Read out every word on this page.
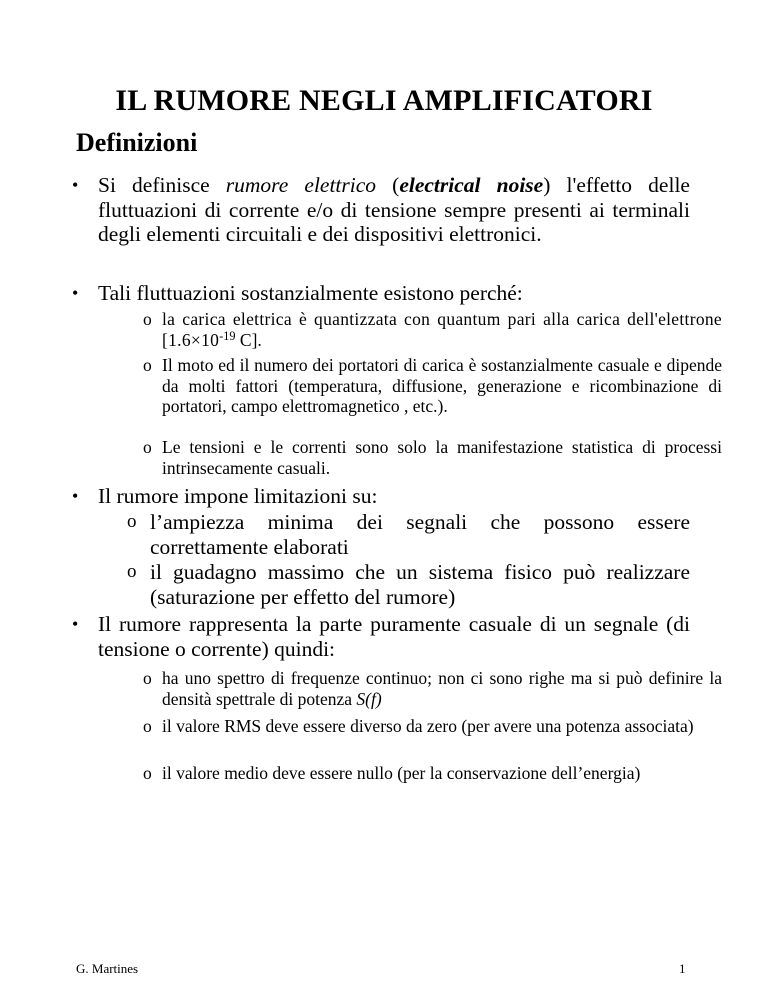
IL RUMORE NEGLI AMPLIFICATORI
Definizioni
• Si definisce rumore elettrico (electrical noise) l'effetto delle fluttuazioni di corrente e/o di tensione sempre presenti ai terminali degli elementi circuitali e dei dispositivi elettronici.
• Tali fluttuazioni sostanzialmente esistono perché:
o la carica elettrica è quantizzata con quantum pari alla carica dell'elettrone [$1.6\times 10^{-19}$ C].
o Il moto ed il numero dei portatori di carica è sostanzialmente casuale e dipende da molti fattori (temperatura, diffusione, generazione e ricombinazione di portatori, campo elettromagnetico , etc.).
o Le tensioni e le correnti sono solo la manifestazione statistica di processi intrinsecamente casuali.
• Il rumore impone limitazioni su:
o l’ampiezza minima dei segnali che possono essere correttamente elaborati
o il guadagno massimo che un sistema fisico può realizzare (saturazione per effetto del rumore)
• Il rumore rappresenta la parte puramente casuale di un segnale (di tensione o corrente) quindi:
o ha uno spettro di frequenze continuo; non ci sono righe ma si può definire la densità spettrale di potenza S(f)
o il valore RMS deve essere diverso da zero (per avere una potenza associata)
o il valore medio deve essere nullo (per la conservazione dell’energia)
G. Martines	1
